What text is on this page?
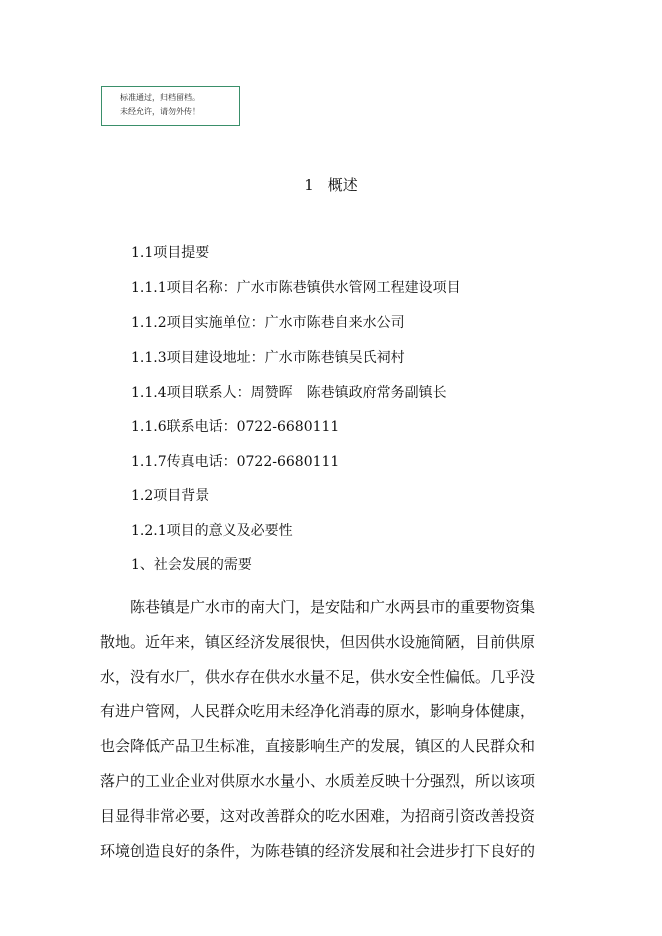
标准通过，归档留档。
未经允许，请勿外传！
1 概述
1.1项目提要
1.1.1项目名称：广水市陈巷镇供水管网工程建设项目
1.1.2项目实施单位：广水市陈巷自来水公司
1.1.3项目建设地址：广水市陈巷镇吴氏祠村
1.1.4项目联系人：周赞晖　陈巷镇政府常务副镇长
1.1.6联系电话：0722-6680111
1.1.7传真电话：0722-6680111
1.2项目背景
1.2.1项目的意义及必要性
1、社会发展的需要
　　陈巷镇是广水市的南大门，是安陆和广水两县市的重要物资集
散地。近年来，镇区经济发展很快，但因供水设施简陋，目前供原
水，没有水厂，供水存在供水水量不足，供水安全性偏低。几乎没
有进户管网，人民群众吃用未经净化消毒的原水，影响身体健康，
也会降低产品卫生标准，直接影响生产的发展，镇区的人民群众和
落户的工业企业对供原水水量小、水质差反映十分强烈，所以该项
目显得非常必要，这对改善群众的吃水困难，为招商引资改善投资
环境创造良好的条件，为陈巷镇的经济发展和社会进步打下良好的
